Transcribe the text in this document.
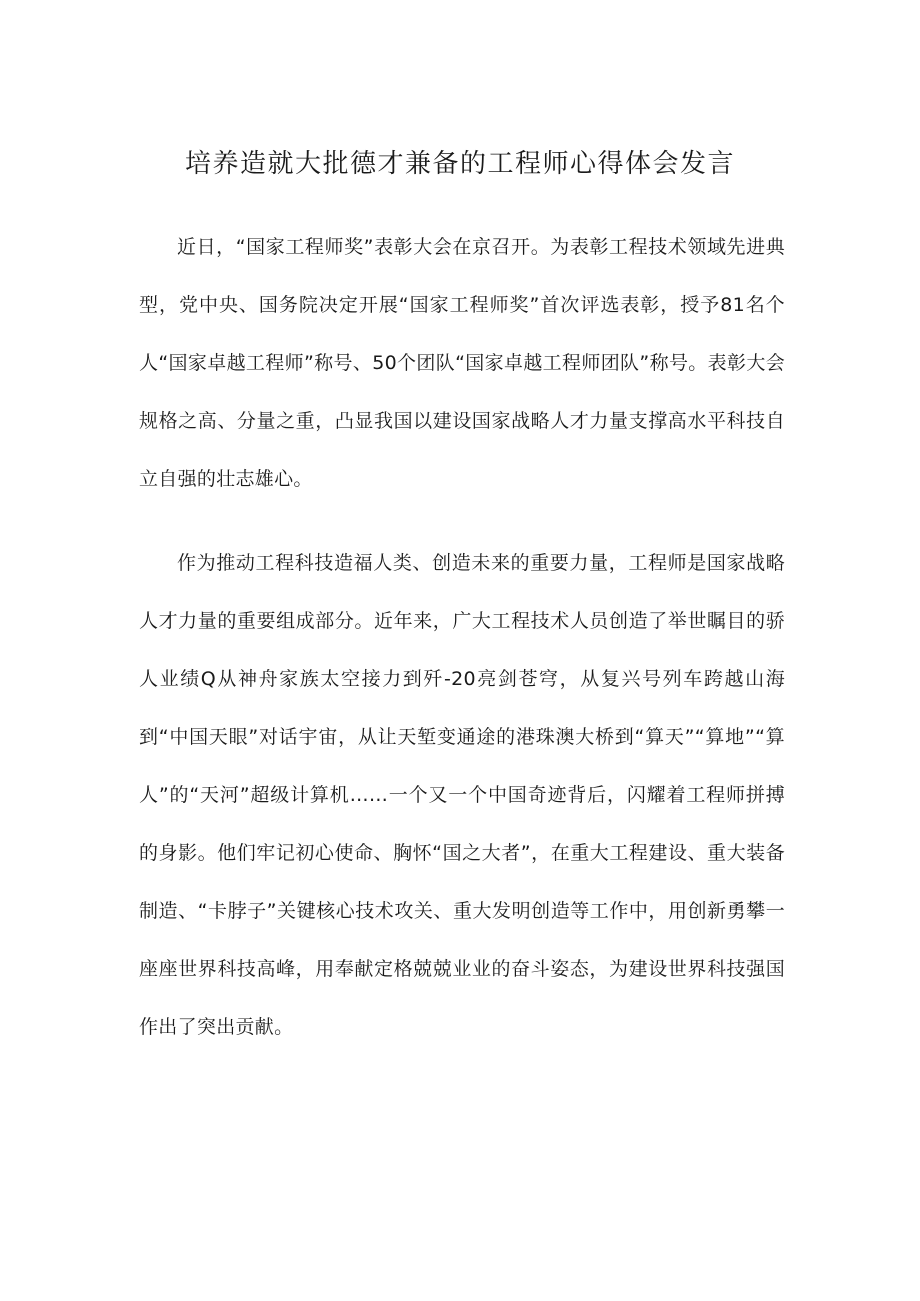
培养造就大批德才兼备的工程师心得体会发言

近日，“国家工程师奖”表彰大会在京召开。为表彰工程技术领域先进典型，党中央、国务院决定开展“国家工程师奖”首次评选表彰，授予81名个人“国家卓越工程师”称号、50个团队“国家卓越工程师团队”称号。表彰大会规格之高、分量之重，凸显我国以建设国家战略人才力量支撑高水平科技自立自强的壮志雄心。

作为推动工程科技造福人类、创造未来的重要力量，工程师是国家战略人才力量的重要组成部分。近年来，广大工程技术人员创造了举世瞩目的骄人业绩Q从神舟家族太空接力到歼-20亮剑苍穹，从复兴号列车跨越山海到“中国天眼”对话宇宙，从让天堑变通途的港珠澳大桥到“算天”“算地”“算人”的“天河”超级计算机……一个又一个中国奇迹背后，闪耀着工程师拼搏的身影。他们牢记初心使命、胸怀“国之大者”，在重大工程建设、重大装备制造、“卡脖子”关键核心技术攻关、重大发明创造等工作中，用创新勇攀一座座世界科技高峰，用奉献定格兢兢业业的奋斗姿态，为建设世界科技强国作出了突出贡献。
